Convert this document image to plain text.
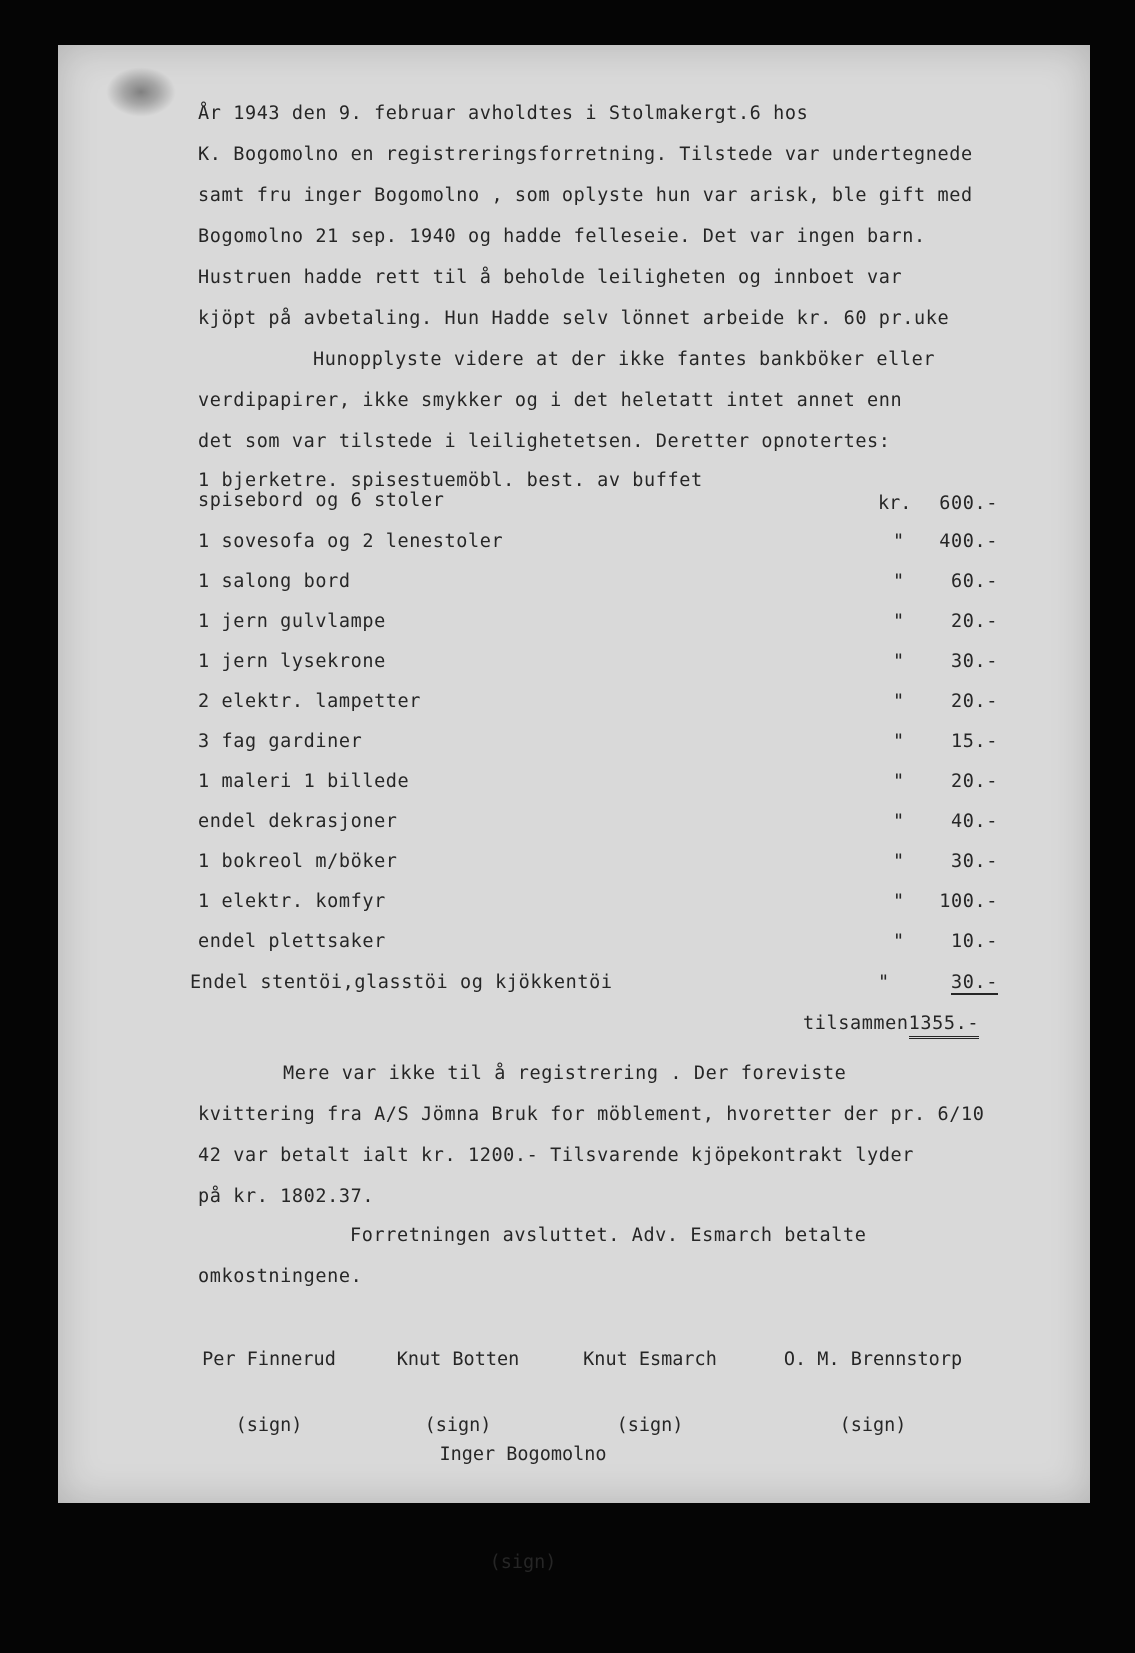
År 1943 den 9. februar avholdtes i Stolmakergt.6 hos
K. Bogomolno en registreringsforretning. Tilstede var undertegnede
samt fru inger Bogomolno , som oplyste hun var arisk, ble gift med
Bogomolno 21 sep. 1940 og hadde felleseie. Det var ingen barn.
Hustruen hadde rett til å beholde leiligheten og innboet var
kjöpt på avbetaling. Hun Hadde selv lönnet arbeide kr. 60 pr.uke
Hunopplyste videre at der ikke fantes bankböker eller
verdipapirer, ikke smykker og i det heletatt intet annet enn
det som var tilstede i leilighetetsen. Deretter opnotertes:
1 bjerketre. spisestuemöbl. best. av buffet
spisebord og 6 stoler	kr. 600.-
1 sovesofa og 2 lenestoler	" 400.-
1 salong bord	"	60.-
1 jern gulvlampe	"	20.-
1 jern lysekrone	"	30.-
2 elektr. lampetter	"	20.-
3 fag gardiner	"	15.-
1 maleri 1 billede	"	20.-
endel dekrasjoner	"	40.-
1 bokreol m/böker	"	30.-
1 elektr. komfyr	" 100.-
endel plettsaker	"	10.-
Endel stentöi,glasstöi og kjökkentöi	"	30.-
tilsammen1355.-
Mere var ikke til å registrering . Der foreviste
kvittering fra A/S Jömna Bruk for möblement, hvoretter der pr. 6/10
42 var betalt ialt kr. 1200.- Tilsvarende kjöpekontrakt lyder
på kr. 1802.37.
Forretningen avsluttet. Adv. Esmarch betalte
omkostningene.

Per Finnerud

(sign)

Knut Botten

(sign)

Knut Esmarch

(sign)

O. M. Brennstorp

(sign)

Inger Bogomolno

(sign)
